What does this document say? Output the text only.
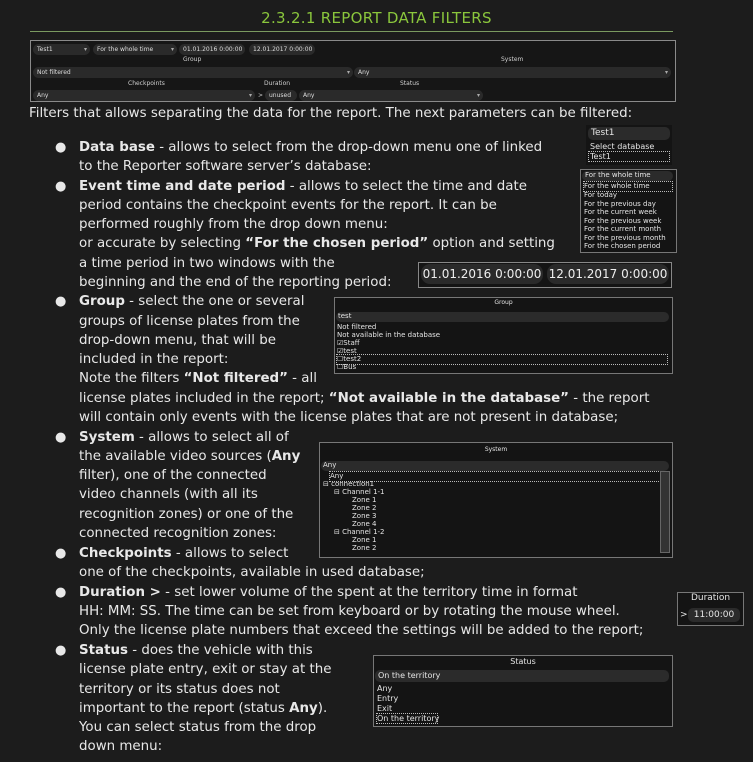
2.3.2.1 REPORT DATA FILTERS
Test1 ▾	For the whole time ▾	01.01.2016 0:00:00	12.01.2017 0:00:00
Group	System
Not filtered ▾	Any ▾
Checkpoints	Duration	Status
Any ▾	> unused	Any ▾
Filters that allows separating the data for the report. The next parameters can be filtered:
● Data base - allows to select from the drop-down menu one of linked
to the Reporter software server’s database:
● Event time and date period - allows to select the time and date
period contains the checkpoint events for the report. It can be
performed roughly from the drop down menu:
or accurate by selecting “For the chosen period” option and setting
a time period in two windows with the
beginning and the end of the reporting period:
● Group - select the one or several
groups of license plates from the
drop-down menu, that will be
included in the report:
Note the filters “Not filtered” - all
license plates included in the report; “Not available in the database” - the report
will contain only events with the license plates that are not present in database;
● System - allows to select all of
the available video sources (Any
filter), one of the connected
video channels (with all its
recognition zones) or one of the
connected recognition zones:
● Checkpoints - allows to select
one of the checkpoints, available in used database;
● Duration > - set lower volume of the spent at the territory time in format
HH: MM: SS. The time can be set from keyboard or by rotating the mouse wheel.
Only the license plate numbers that exceed the settings will be added to the report;
● Status - does the vehicle with this
license plate entry, exit or stay at the
territory or its status does not
important to the report (status Any).
You can select status from the drop
down menu:
Test1
Select database
Test1
For the whole time
For the whole time
For today
For the previous day
For the current week
For the previous week
For the current month
For the previous month
For the chosen period
01.01.2016 0:00:00 12.01.2017 0:00:00
Group
test
Not filtered
Not available in the database
☑Staff
☑test
☐test2
☐Bus
System
Any
Any
⊟ connection1
⊟ Channel 1-1
Zone 1
Zone 2
Zone 3
Zone 4
⊟ Channel 1-2
Zone 1
Zone 2
Duration
> 11:00:00
Status
On the territory
Any
Entry
Exit
On the territory
